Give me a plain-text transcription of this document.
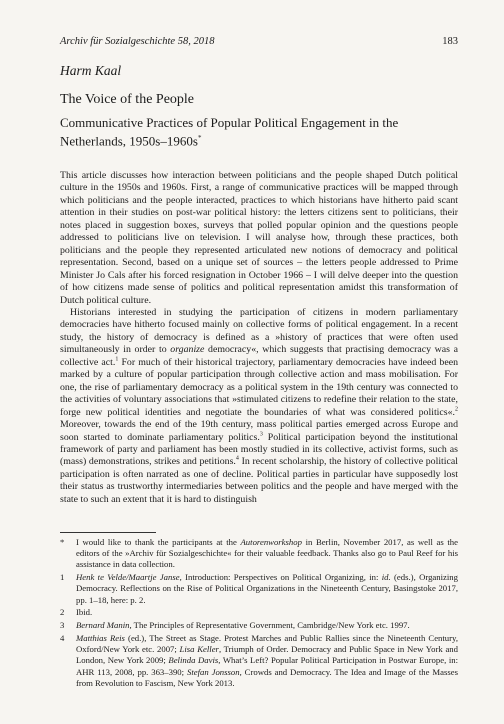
Archiv für Sozialgeschichte 58, 2018	183
Harm Kaal
The Voice of the People
Communicative Practices of Popular Political Engagement in the Netherlands, 1950s–1960s*

This article discusses how interaction between politicians and the people shaped Dutch political culture in the 1950s and 1960s. First, a range of communicative practices will be mapped through which politicians and the people interacted, practices to which historians have hitherto paid scant attention in their studies on post-war political history: the letters citizens sent to politicians, their notes placed in suggestion boxes, surveys that polled popular opinion and the questions people addressed to politicians live on television. I will analyse how, through these practices, both politicians and the people they represented articulated new notions of democracy and political representation. Second, based on a unique set of sources – the letters people addressed to Prime Minister Jo Cals after his forced resignation in October 1966 – I will delve deeper into the question of how citizens made sense of politics and political representation amidst this transformation of Dutch political culture.

Historians interested in studying the participation of citizens in modern parliamentary democracies have hitherto focused mainly on collective forms of political engagement. In a recent study, the history of democracy is defined as a »history of practices that were often used simultaneously in order to organize democracy«, which suggests that practising democracy was a collective act.$^1$ For much of their historical trajectory, parliamentary democracies have indeed been marked by a culture of popular participation through collective action and mass mobilisation. For one, the rise of parliamentary democracy as a political system in the 19th century was connected to the activities of voluntary associations that »stimulated citizens to redefine their relation to the state, forge new political identities and negotiate the boundaries of what was considered politics«.$^2$ Moreover, towards the end of the 19th century, mass political parties emerged across Europe and soon started to dominate parliamentary politics.$^3$ Political participation beyond the institutional framework of party and parliament has been mostly studied in its collective, activist forms, such as (mass) demonstrations, strikes and petitions.$^4$ In recent scholarship, the history of collective political participation is often narrated as one of decline. Political parties in particular have supposedly lost their status as trustworthy intermediaries between politics and the people and have merged with the state to such an extent that it is hard to distinguish

*	I would like to thank the participants at the Autorenworkshop in Berlin, November 2017, as well as the editors of the »Archiv für Sozialgeschichte« for their valuable feedback. Thanks also go to Paul Reef for his assistance in data collection.
1	Henk te Velde/Maartje Janse, Introduction: Perspectives on Political Organizing, in: id. (eds.), Organizing Democracy. Reflections on the Rise of Political Organizations in the Nineteenth Century, Basingstoke 2017, pp. 1–18, here: p. 2.
2	Ibid.
3	Bernard Manin, The Principles of Representative Government, Cambridge/New York etc. 1997.
4	Matthias Reis (ed.), The Street as Stage. Protest Marches and Public Rallies since the Nineteenth Century, Oxford/New York etc. 2007; Lisa Keller, Triumph of Order. Democracy and Public Space in New York and London, New York 2009; Belinda Davis, What’s Left? Popular Political Participation in Postwar Europe, in: AHR 113, 2008, pp. 363–390; Stefan Jonsson, Crowds and Democracy. The Idea and Image of the Masses from Revolution to Fascism, New York 2013.
